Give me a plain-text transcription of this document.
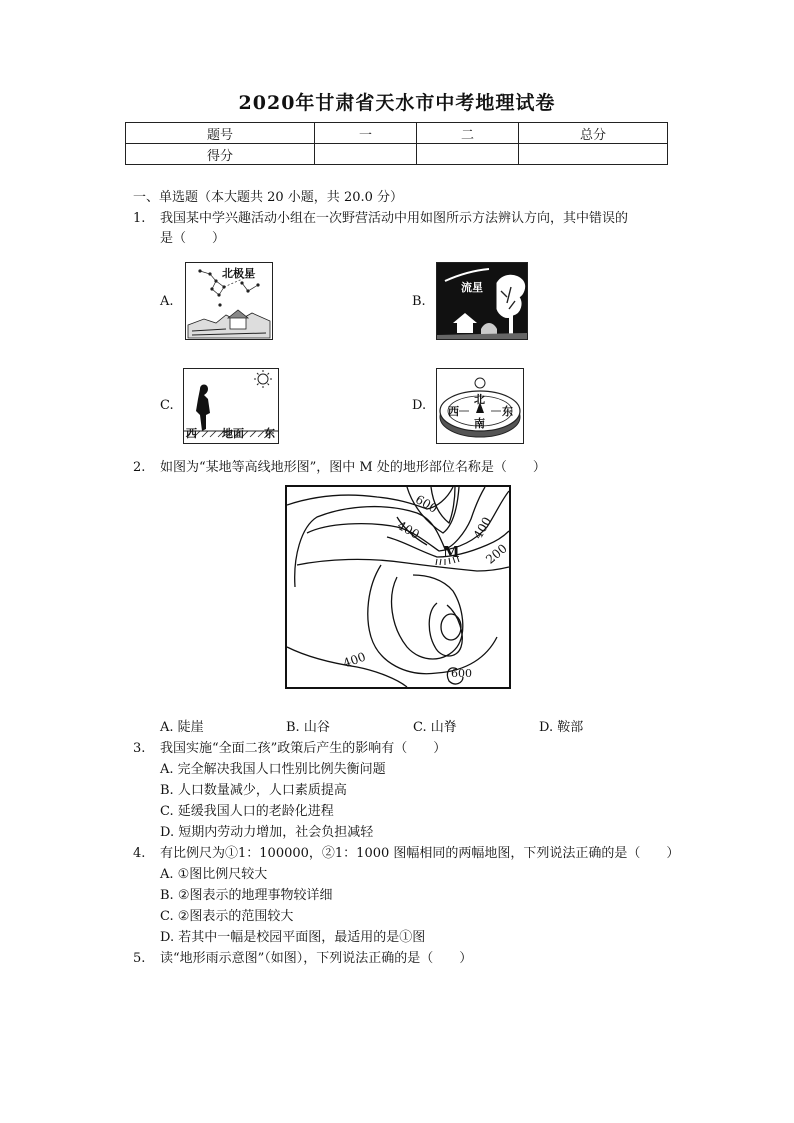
2020年甘肃省天水市中考地理试卷
题号	一	二	总分
得分			
一、单选题（本大题共 20 小题，共 20.0 分）
1. 我国某中学兴趣活动小组在一次野营活动中用如图所示方法辨认方向，其中错误的
是（　　）
A.
北极星
B.
流星
C.
西 地面 东
D.	北
西	东
南
2. 如图为“某地等高线地形图”，图中 M 处的地形部位名称是（　　）
600
400	400
M 200
400
600
A. 陡崖	B. 山谷	C. 山脊	D. 鞍部
3. 我国实施“全面二孩”政策后产生的影响有（　　）
A. 完全解决我国人口性别比例失衡问题
B. 人口数量减少，人口素质提高
C. 延缓我国人口的老龄化进程
D. 短期内劳动力增加，社会负担减轻
4. 有比例尺为①1：100000，②1：1000 图幅相同的两幅地图，下列说法正确的是（　　）
A. ①图比例尺较大
B. ②图表示的地理事物较详细
C. ②图表示的范围较大
D. 若其中一幅是校园平面图，最适用的是①图
5. 读“地形雨示意图”（如图），下列说法正确的是（　　）
